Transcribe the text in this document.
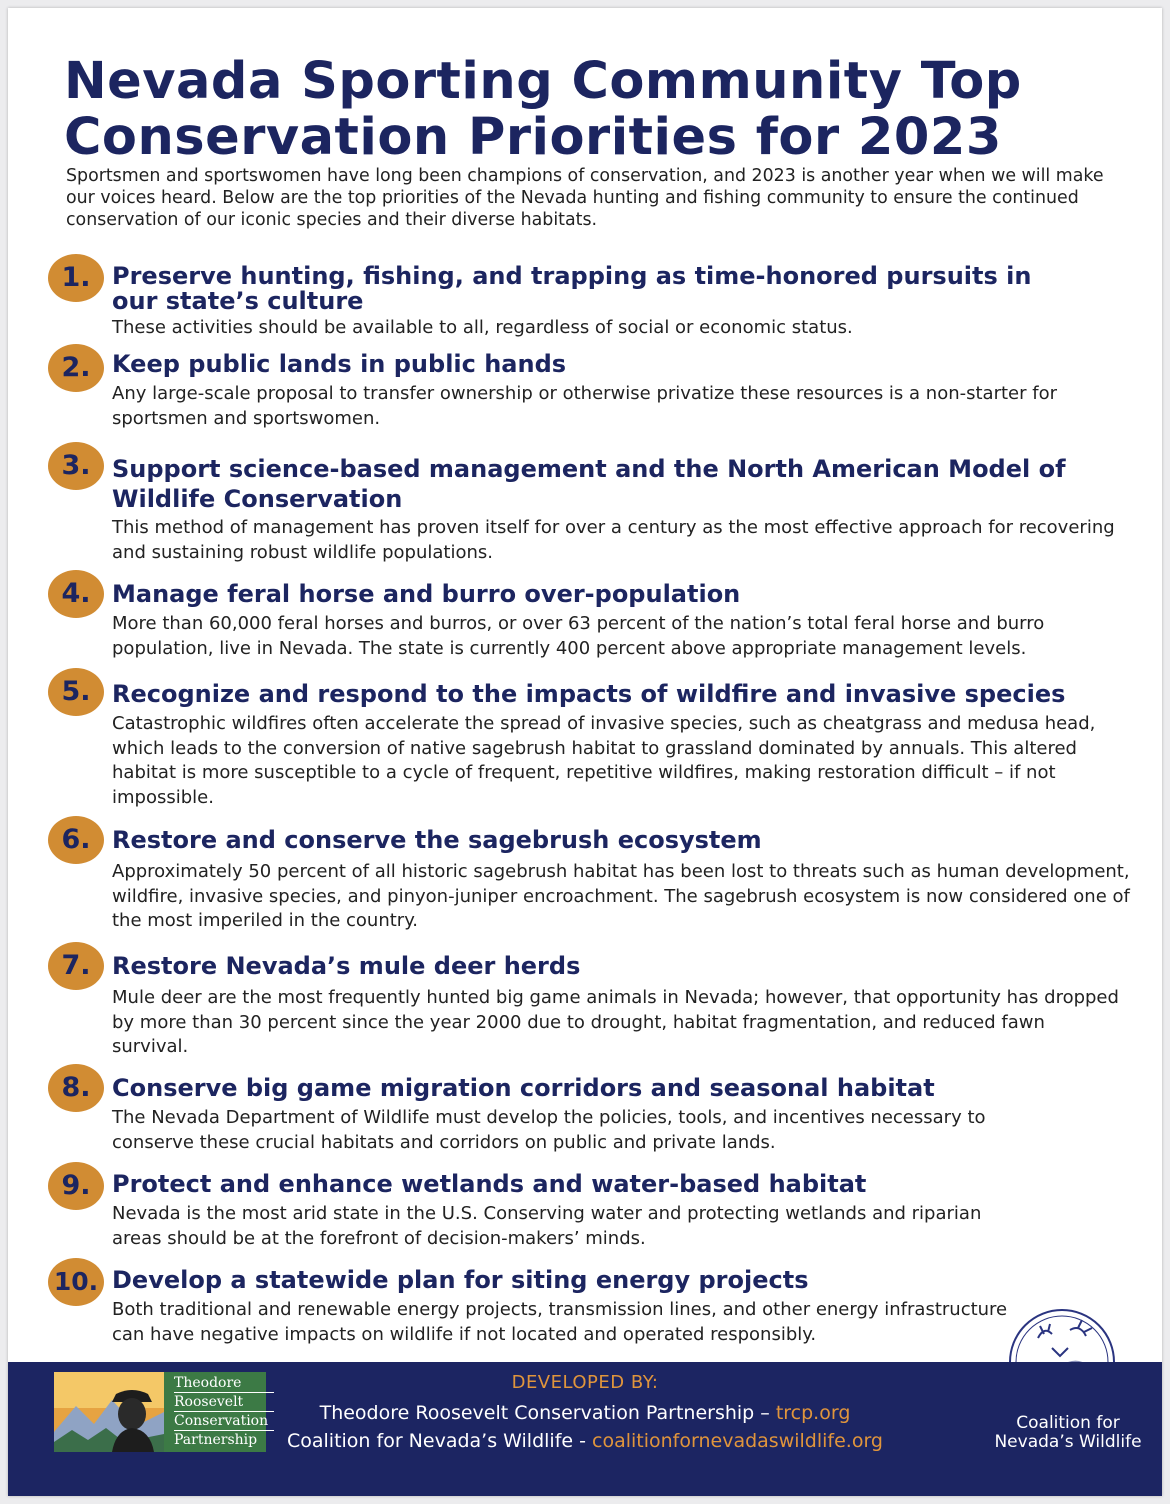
Nevada Sporting Community Top
Conservation Priorities for 2023

Sportsmen and sportswomen have long been champions of conservation, and 2023 is another year when we will make our voices heard. Below are the top priorities of the Nevada hunting and fishing community to ensure the continued conservation of our iconic species and their diverse habitats.

1. Preserve hunting, fishing, and trapping as time-honored pursuits in our state’s culture

These activities should be available to all, regardless of social or economic status.

2. Keep public lands in public hands

Any large-scale proposal to transfer ownership or otherwise privatize these resources is a non-starter for sportsmen and sportswomen.

3. Support science-based management and the North American Model of Wildlife Conservation

This method of management has proven itself for over a century as the most effective approach for recovering and sustaining robust wildlife populations.

4. Manage feral horse and burro over-population

More than 60,000 feral horses and burros, or over 63 percent of the nation’s total feral horse and burro population, live in Nevada. The state is currently 400 percent above appropriate management levels.

5. Recognize and respond to the impacts of wildfire and invasive species

Catastrophic wildfires often accelerate the spread of invasive species, such as cheatgrass and medusa head, which leads to the conversion of native sagebrush habitat to grassland dominated by annuals. This altered habitat is more susceptible to a cycle of frequent, repetitive wildfires, making restoration difficult – if not impossible.

6. Restore and conserve the sagebrush ecosystem

Approximately 50 percent of all historic sagebrush habitat has been lost to threats such as human development, wildfire, invasive species, and pinyon-juniper encroachment. The sagebrush ecosystem is now considered one of the most imperiled in the country.

7. Restore Nevada’s mule deer herds

Mule deer are the most frequently hunted big game animals in Nevada; however, that opportunity has dropped by more than 30 percent since the year 2000 due to drought, habitat fragmentation, and reduced fawn survival.

8. Conserve big game migration corridors and seasonal habitat

The Nevada Department of Wildlife must develop the policies, tools, and incentives necessary to conserve these crucial habitats and corridors on public and private lands.

9. Protect and enhance wetlands and water-based habitat

Nevada is the most arid state in the U.S. Conserving water and protecting wetlands and riparian areas should be at the forefront of decision-makers’ minds.

10. Develop a statewide plan for siting energy projects

Both traditional and renewable energy projects, transmission lines, and other energy infrastructure can have negative impacts on wildlife if not located and operated responsibly.

Theodore
Roosevelt
Conservation
Partnership

DEVELOPED BY:

Theodore Roosevelt Conservation Partnership – trcp.org

Coalition for Nevada’s Wildlife - coalitionfornevadaswildlife.org

Coalition for
Nevada’s Wildlife
